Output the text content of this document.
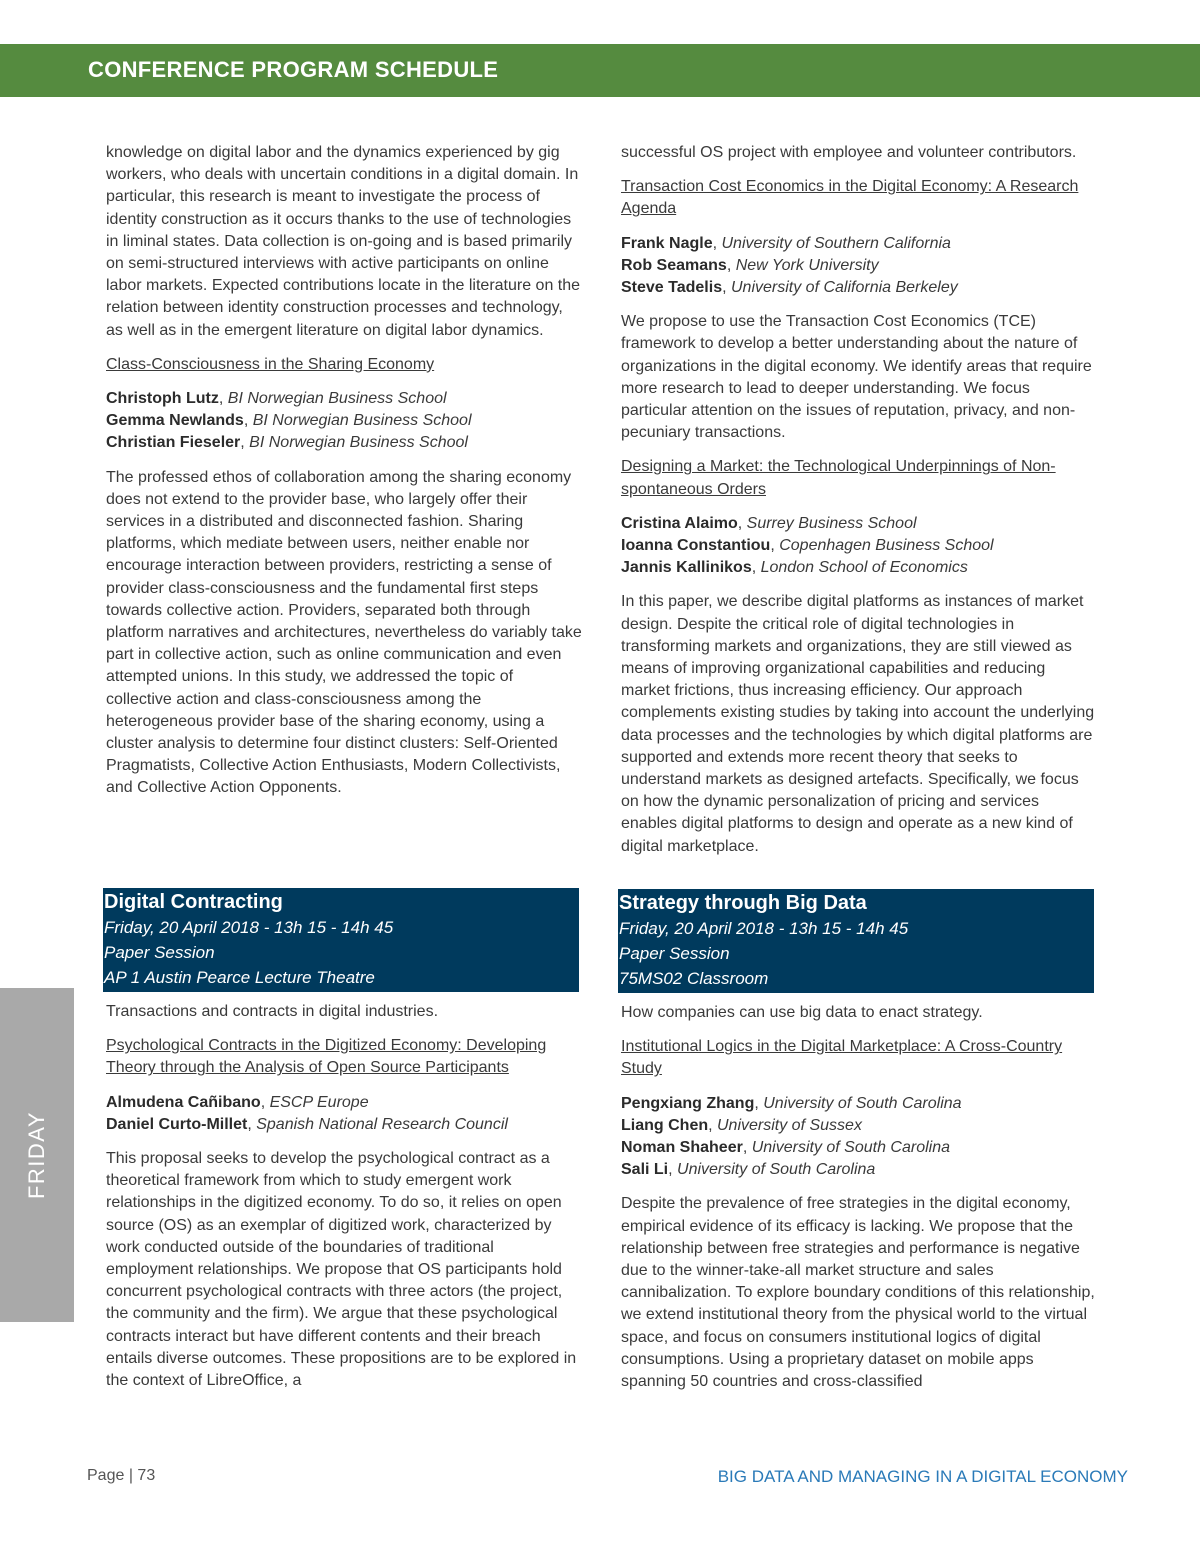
CONFERENCE PROGRAM SCHEDULE

knowledge on digital labor and the dynamics experienced by gig workers, who deals with uncertain conditions in a digital domain. In particular, this research is meant to investigate the process of identity construction as it occurs thanks to the use of technologies in liminal states. Data collection is on-going and is based primarily on semi-structured interviews with active participants on online labor markets. Expected contributions locate in the literature on the relation between identity construction processes and technology, as well as in the emergent literature on digital labor dynamics.

Class-Consciousness in the Sharing Economy

Christoph Lutz, BI Norwegian Business School
Gemma Newlands, BI Norwegian Business School
Christian Fieseler, BI Norwegian Business School

The professed ethos of collaboration among the sharing economy does not extend to the provider base, who largely offer their services in a distributed and disconnected fashion. Sharing platforms, which mediate between users, neither enable nor encourage interaction between providers, restricting a sense of provider class-consciousness and the fundamental first steps towards collective action. Providers, separated both through platform narratives and architectures, nevertheless do variably take part in collective action, such as online communication and even attempted unions. In this study, we addressed the topic of collective action and class-consciousness among the heterogeneous provider base of the sharing economy, using a cluster analysis to determine four distinct clusters: Self-Oriented Pragmatists, Collective Action Enthusiasts, Modern Collectivists, and Collective Action Opponents.

successful OS project with employee and volunteer contributors.

Transaction Cost Economics in the Digital Economy: A Research Agenda

Frank Nagle, University of Southern California
Rob Seamans, New York University
Steve Tadelis, University of California Berkeley

We propose to use the Transaction Cost Economics (TCE) framework to develop a better understanding about the nature of organizations in the digital economy. We identify areas that require more research to lead to deeper understanding. We focus particular attention on the issues of reputation, privacy, and non-pecuniary transactions.

Designing a Market: the Technological Underpinnings of Non-spontaneous Orders

Cristina Alaimo, Surrey Business School
Ioanna Constantiou, Copenhagen Business School
Jannis Kallinikos, London School of Economics

In this paper, we describe digital platforms as instances of market design. Despite the critical role of digital technologies in transforming markets and organizations, they are still viewed as means of improving organizational capabilities and reducing market frictions, thus increasing efficiency. Our approach complements existing studies by taking into account the underlying data processes and the technologies by which digital platforms are supported and extends more recent theory that seeks to understand markets as designed artefacts. Specifically, we focus on how the dynamic personalization of pricing and services enables digital platforms to design and operate as a new kind of digital marketplace.

Digital Contracting
Friday, 20 April 2018 - 13h 15 - 14h 45
Paper Session
AP 1 Austin Pearce Lecture Theatre
Strategy through Big Data
Friday, 20 April 2018 - 13h 15 - 14h 45
Paper Session
75MS02 Classroom

Transactions and contracts in digital industries.

Psychological Contracts in the Digitized Economy: Developing Theory through the Analysis of Open Source Participants

Almudena Cañibano, ESCP Europe
Daniel Curto-Millet, Spanish National Research Council

This proposal seeks to develop the psychological contract as a theoretical framework from which to study emergent work relationships in the digitized economy. To do so, it relies on open source (OS) as an exemplar of digitized work, characterized by work conducted outside of the boundaries of traditional employment relationships. We propose that OS participants hold concurrent psychological contracts with three actors (the project, the community and the firm). We argue that these psychological contracts interact but have different contents and their breach entails diverse outcomes. These propositions are to be explored in the context of LibreOffice, a

How companies can use big data to enact strategy.

Institutional Logics in the Digital Marketplace: A Cross-Country Study

Pengxiang Zhang, University of South Carolina
Liang Chen, University of Sussex
Noman Shaheer, University of South Carolina
Sali Li, University of South Carolina

Despite the prevalence of free strategies in the digital economy, empirical evidence of its efficacy is lacking. We propose that the relationship between free strategies and performance is negative due to the winner-take-all market structure and sales cannibalization. To explore boundary conditions of this relationship, we extend institutional theory from the physical world to the virtual space, and focus on consumers institutional logics of digital consumptions. Using a proprietary dataset on mobile apps spanning 50 countries and cross-classified

FRIDAY
Page | 73	BIG DATA AND MANAGING IN A DIGITAL ECONOMY
